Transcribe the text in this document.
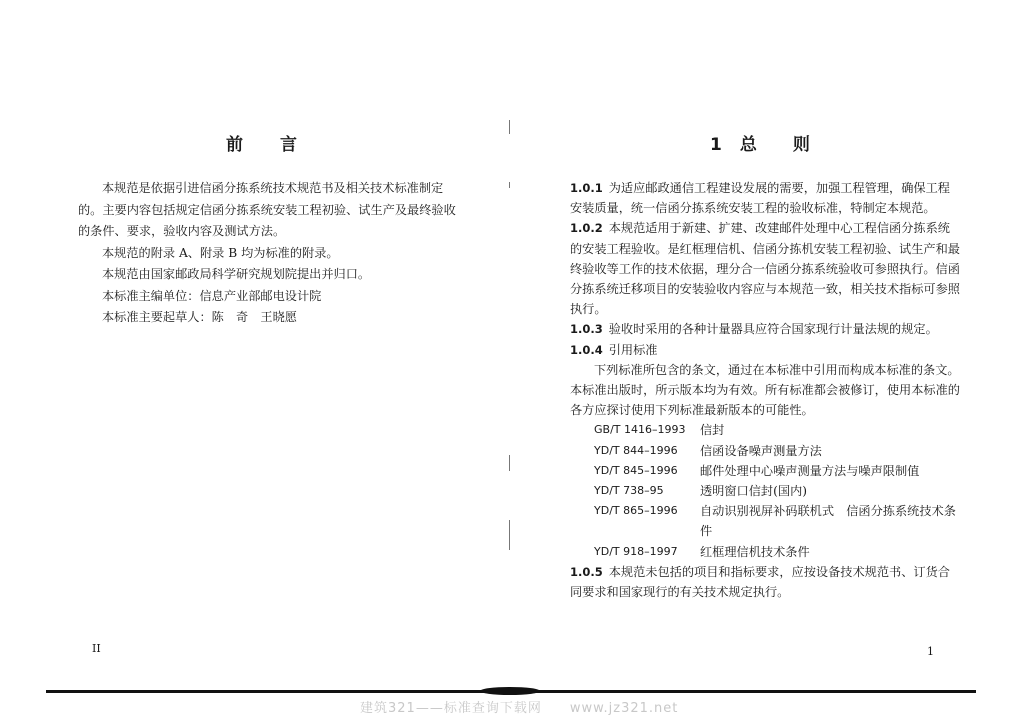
前 言

本规范是依据引进信函分拣系统技术规范书及相关技术标准制定的。主要内容包括规定信函分拣系统安装工程初验、试生产及最终验收的条件、要求，验收内容及测试方法。

本规范的附录 A、附录 B 均为标准的附录。

本规范由国家邮政局科学研究规划院提出并归口。

本标准主编单位：信息产业部邮电设计院

本标准主要起草人：陈　奇　王晓愿

II
1 总 则

1.0.1 为适应邮政通信工程建设发展的需要，加强工程管理，确保工程安装质量，统一信函分拣系统安装工程的验收标准，特制定本规范。

1.0.2 本规范适用于新建、扩建、改建邮件处理中心工程信函分拣系统的安装工程验收。是红框理信机、信函分拣机安装工程初验、试生产和最终验收等工作的技术依据，理分合一信函分拣系统验收可参照执行。信函分拣系统迁移项目的安装验收内容应与本规范一致，相关技术指标可参照执行。

1.0.3 验收时采用的各种计量器具应符合国家现行计量法规的规定。

1.0.4 引用标准

下列标准所包含的条文，通过在本标准中引用而构成本标准的条文。本标准出版时，所示版本均为有效。所有标准都会被修订，使用本标准的各方应探讨使用下列标准最新版本的可能性。

GB/T 1416–1993	信封
YD/T 844–1996	信函设备噪声测量方法
YD/T 845–1996	邮件处理中心噪声测量方法与噪声限制值
YD/T 738–95	透明窗口信封(国内)
YD/T 865–1996	自动识别视屏补码联机式　信函分拣系统技术条件
YD/T 918–1997	红框理信机技术条件

1.0.5 本规范未包括的项目和指标要求，应按设备技术规范书、订货合同要求和国家现行的有关技术规定执行。

1
建筑321——标准查询下载网　　www.jz321.net
